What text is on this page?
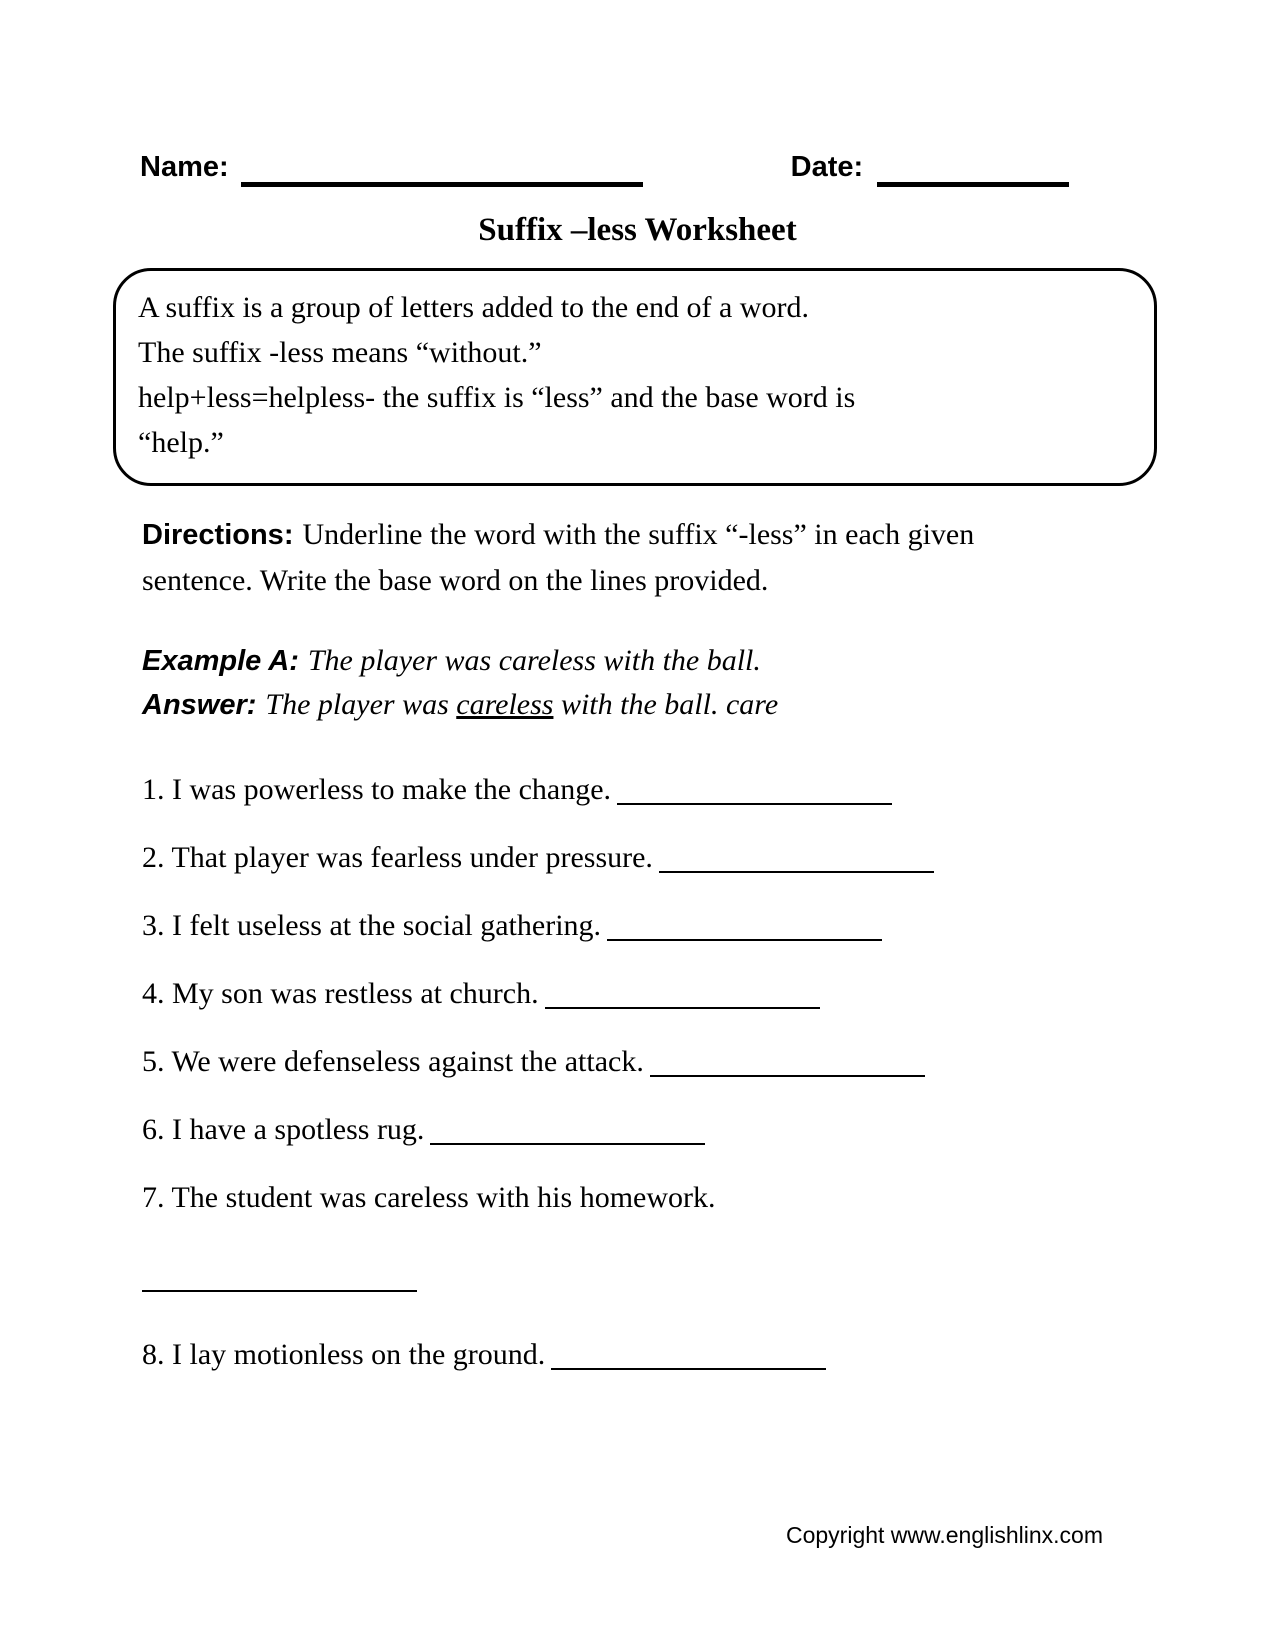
Name:	Date:
Suffix –less Worksheet
A suffix is a group of letters added to the end of a word.
The suffix -less means “without.”
help+less=helpless- the suffix is “less” and the base word is
“help.”

Directions: Underline the word with the suffix “-less” in each given sentence. Write the base word on the lines provided.

Example A: The player was careless with the ball.
Answer: The player was careless with the ball. care
1. I was powerless to make the change.
2. That player was fearless under pressure.
3. I felt useless at the social gathering.
4. My son was restless at church.
5. We were defenseless against the attack.
6. I have a spotless rug.
7. The student was careless with his homework.
8. I lay motionless on the ground.
Copyright www.englishlinx.com
